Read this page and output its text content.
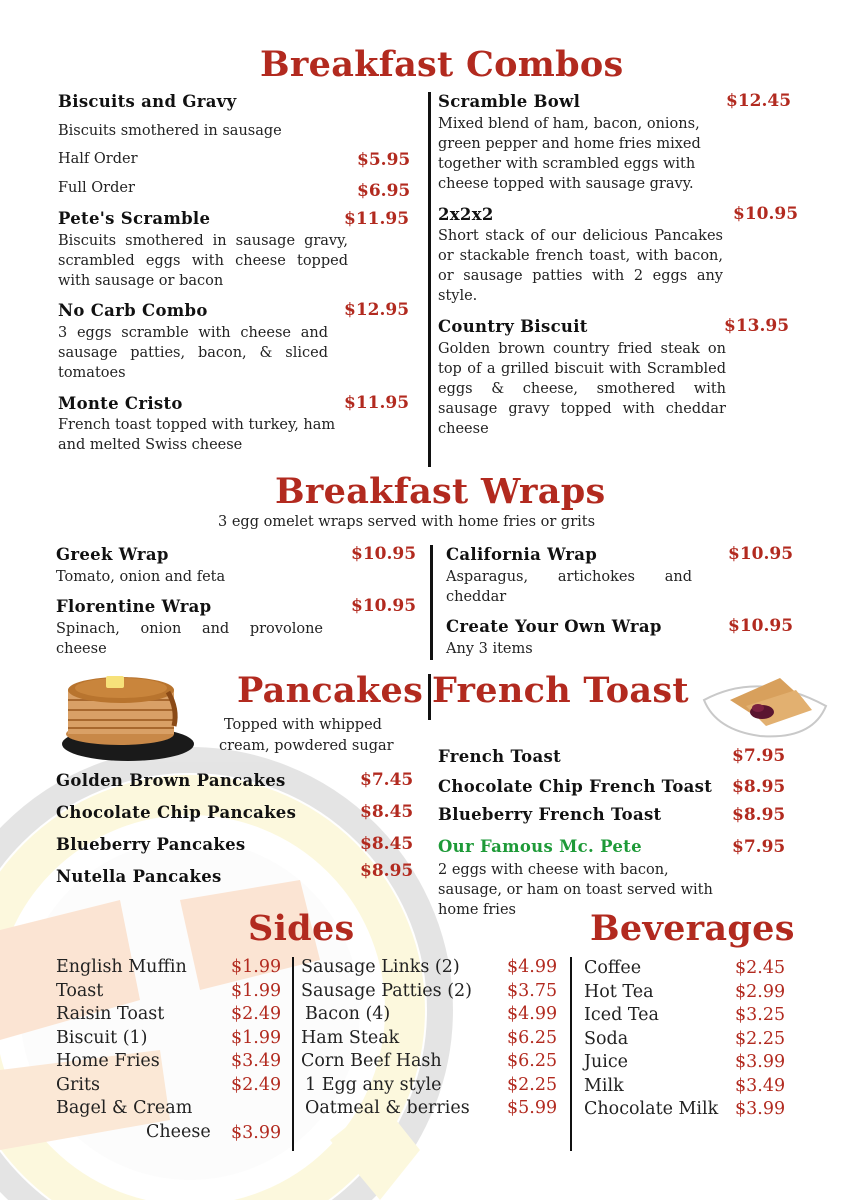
Breakfast Combos
Biscuits and Gravy
Biscuits smothered in sausage
Half Order	$5.95
Full Order	$6.95
Pete's Scramble	$11.95
Biscuits smothered in sausage gravy, scrambled eggs with cheese topped with sausage or bacon
No Carb Combo	$12.95
3 eggs scramble with cheese and sausage patties, bacon, & sliced tomatoes
Monte Cristo	$11.95
French toast topped with turkey, ham and melted Swiss cheese
Scramble Bowl	$12.45
Mixed blend of ham, bacon, onions, green pepper and home fries mixed together with scrambled eggs with cheese topped with sausage gravy.
2x2x2	$10.95
Short stack of our delicious Pancakes or stackable french toast, with bacon, or sausage patties with 2 eggs any style.
Country Biscuit	$13.95
Golden brown country fried steak on top of a grilled biscuit with Scrambled eggs & cheese, smothered with sausage gravy topped with cheddar cheese
Breakfast Wraps
3 egg omelet wraps served with home fries or grits
Greek Wrap	$10.95
Tomato, onion and feta
Florentine Wrap	$10.95
Spinach, onion and provolone cheese
California Wrap	$10.95
Asparagus, artichokes and cheddar
Create Your Own Wrap	$10.95
Any 3 items
Pancakes French Toast
Topped with whipped
cream, powdered sugar
Golden Brown Pancakes	$7.45
Chocolate Chip Pancakes	$8.45
Blueberry Pancakes	$8.45
Nutella Pancakes	$8.95
French Toast	$7.95
Chocolate Chip French Toast $8.95
Blueberry French Toast	$8.95
Our Famous Mc. Pete	$7.95
2 eggs with cheese with bacon, sausage, or ham on toast served with home fries
Sides	Beverages
English Muffin	$1.99
Toast	$1.99
Raisin Toast	$2.49
Biscuit (1)	$1.99
Home Fries	$3.49
Grits	$2.49
Bagel & Cream
Cheese $3.99
Sausage Links (2)	$4.99
Sausage Patties (2) $3.75
Bacon (4)	$4.99
Ham Steak	$6.25
Corn Beef Hash	$6.25
1 Egg any style	$2.25
Oatmeal & berries $5.99
Coffee	$2.45
Hot Tea	$2.99
Iced Tea	$3.25
Soda	$2.25
Juice	$3.99
Milk	$3.49
Chocolate Milk $3.99
